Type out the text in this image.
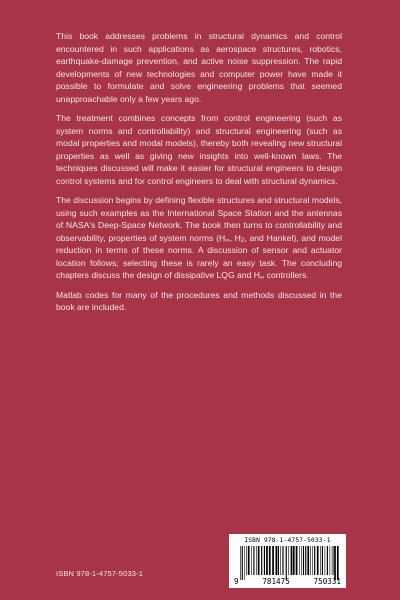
This book addresses problems in structural dynamics and control encountered in such applications as aerospace structures, robotics, earthquake-damage prevention, and active noise suppression. The rapid developments of new technologies and computer power have made it possible to formulate and solve engineering problems that seemed unapproachable only a few years ago.

The treatment combines concepts from control engineering (such as system norms and controllability) and structural engineering (such as modal properties and modal models), thereby both revealing new structural properties as well as giving new insights into well-known laws. The techniques discussed will make it easier for structural engineers to design control systems and for control engineers to deal with structural dynamics.

The discussion begins by defining flexible structures and structural models, using such examples as the International Space Station and the antennas of NASA's Deep-Space Network. The book then turns to controllability and observability, properties of system norms ($H_\infty$, $H_2$, and Hankel), and model reduction in terms of these norms. A discussion of sensor and actuator location follows; selecting these is rarely an easy task. The concluding chapters discuss the design of dissipative LQG and $H_\infty$ controllers.

Matlab codes for many of the procedures and methods discussed in the book are included.

ISBN 978-1-4757-5033-1
ISBN 978-1-4757-5033-1
9	781475	750331
